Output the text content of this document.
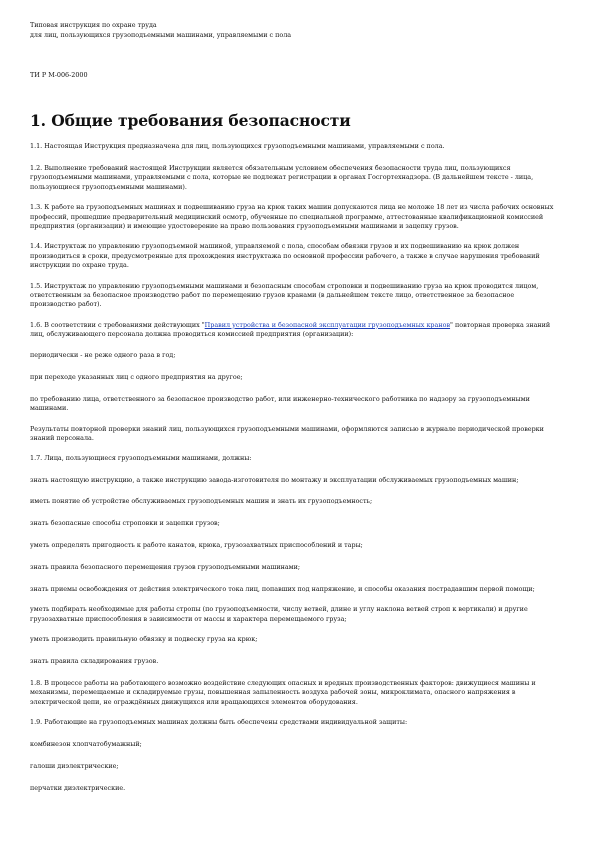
Типовая инструкция по охране труда
для лиц, пользующихся грузоподъемными машинами, управляемыми с пола
ТИ Р М-006-2000
1. Общие требования безопасности

1.1. Настоящая Инструкция предназначена для лиц, пользующихся грузоподъемными машинами, управляемыми с пола.

1.2. Выполнение требований настоящей Инструкции является обязательным условием обеспечения безопасности труда лиц, пользующихся грузоподъемными машинами, управляемыми с пола, которые не подлежат регистрации в органах Госгортехнадзора. (В дальнейшем тексте - лица, пользующиеся грузоподъемными машинами).

1.3. К работе на грузоподъемных машинах и подвешиванию груза на крюк таких машин допускаются лица не моложе 18 лет из числа рабочих основных профессий, прошедшие предварительный медицинский осмотр, обученные по специальной программе, аттестованные квалификационной комиссией предприятия (организации) и имеющие удостоверение на право пользования грузоподъемными машинами и зацепку грузов.

1.4. Инструктаж по управлению грузоподъемной машиной, управляемой с пола, способам обвязки грузов и их подвешиванию на крюк должен производиться в сроки, предусмотренные для прохождения инструктажа по основной профессии рабочего, а также в случае нарушения требований инструкции по охране труда.

1.5. Инструктаж по управлению грузоподъемными машинами и безопасным способам строповки и подвешиванию груза на крюк проводится лицом, ответственным за безопасное производство работ по перемещению грузов кранами (в дальнейшем тексте лицо, ответственное за безопасное производство работ).

1.6. В соответствии с требованиями действующих "Правил устройства и безопасной эксплуатации грузоподъемных кранов" повторная проверка знаний лиц, обслуживающего персонала должна проводиться комиссией предприятия (организации):

периодически - не реже одного раза в год;

при переходе указанных лиц с одного предприятия на другое;

по требованию лица, ответственного за безопасное производство работ, или инженерно-технического работника по надзору за грузоподъемными машинами.

Результаты повторной проверки знаний лиц, пользующихся грузоподъемными машинами, оформляются записью в журнале периодической проверки знаний персонала.

1.7. Лица, пользующиеся грузоподъемными машинами, должны:

знать настоящую инструкцию, а также инструкцию завода-изготовителя по монтажу и эксплуатации обслуживаемых грузоподъемных машин;

иметь понятие об устройстве обслуживаемых грузоподъемных машин и знать их грузоподъемность;

знать безопасные способы строповки и зацепки грузов;

уметь определять пригодность к работе канатов, крюка, грузозахватных приспособлений и тары;

знать правила безопасного перемещения грузов грузоподъемными машинами;

знать приемы освобождения от действия электрического тока лиц, попавших под напряжение, и способы оказания пострадавшим первой помощи;

уметь подбирать необходимые для работы стропы (по грузоподъемности, числу ветвей, длине и углу наклона ветвей строп к вертикали) и другие грузозахватные приспособления в зависимости от массы и характера перемещаемого груза;

уметь производить правильную обвязку и подвеску груза на крюк;

знать правила складирования грузов.

1.8. В процессе работы на работающего возможно воздействие следующих опасных и вредных производственных факторов: движущиеся машины и механизмы, перемещаемые и складируемые грузы, повышенная запыленность воздуха рабочей зоны, микроклимата, опасного напряжения в электрической цепи, не ограждённых движущихся или вращающихся элементов оборудования.

1.9. Работающие на грузоподъемных машинах должны быть обеспечены средствами индивидуальной защиты:

комбинезон хлопчатобумажный;

галоши диэлектрические;

перчатки диэлектрические.
